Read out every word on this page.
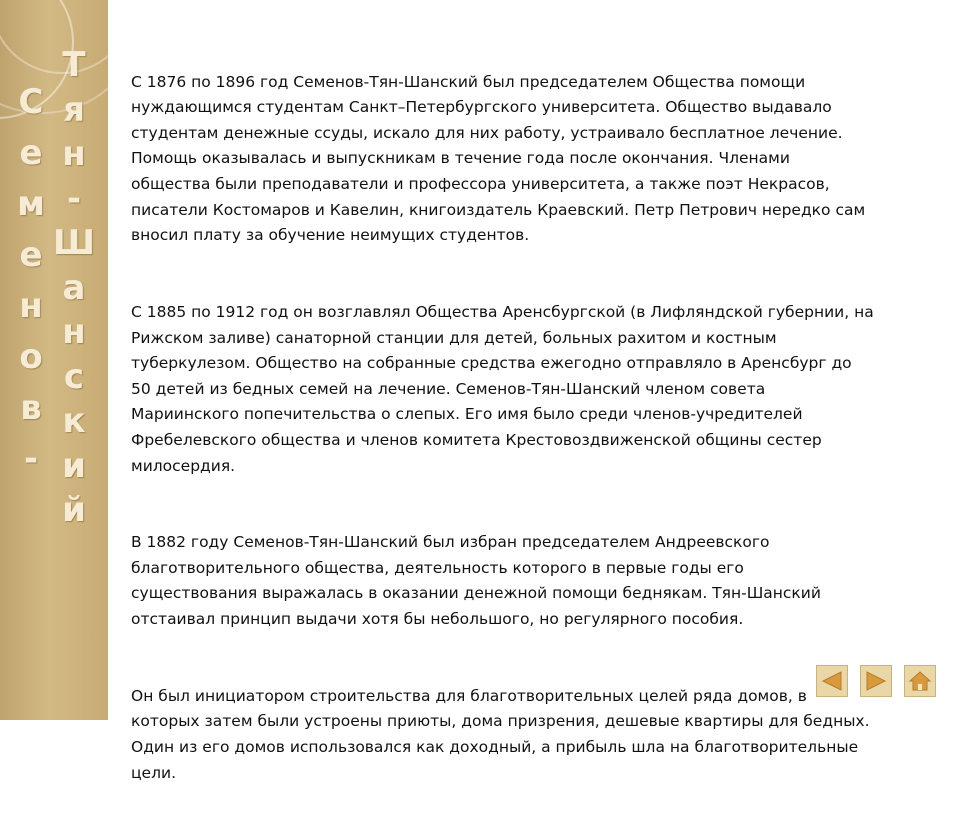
С
е
м
е
н
о
в
-
Т
я
н
-
Ш
а
н
с
к
и
й

С 1876 по 1896 год Семенов-Тян-Шанский был председателем Общества помощи
нуждающимся студентам Санкт–Петербургского университета. Общество выдавало
студентам денежные ссуды, искало для них работу, устраивало бесплатное лечение.
Помощь оказывалась и выпускникам в течение года после окончания. Членами
общества были преподаватели и профессора университета, а также поэт Некрасов,
писатели Костомаров и Кавелин, книгоиздатель Краевский. Петр Петрович нередко сам
вносил плату за обучение неимущих студентов.

С 1885 по 1912 год он возглавлял Общества Аренсбургской (в Лифляндской губернии, на
Рижском заливе) санаторной станции для детей, больных рахитом и костным
туберкулезом. Общество на собранные средства ежегодно отправляло в Аренсбург до
50 детей из бедных семей на лечение. Семенов-Тян-Шанский членом совета
Мариинского попечительства о слепых. Его имя было среди членов-учредителей
Фребелевского общества и членов комитета Крестовоздвиженской общины сестер
милосердия.

В 1882 году Семенов-Тян-Шанский был избран председателем Андреевского
благотворительного общества, деятельность которого в первые годы его
существования выражалась в оказании денежной помощи беднякам. Тян-Шанский
отстаивал принцип выдачи хотя бы небольшого, но регулярного пособия.

Он был инициатором строительства для благотворительных целей ряда домов, в
которых затем были устроены приюты, дома призрения, дешевые квартиры для бедных.
Один из его домов использовался как доходный, а прибыль шла на благотворительные
цели.
